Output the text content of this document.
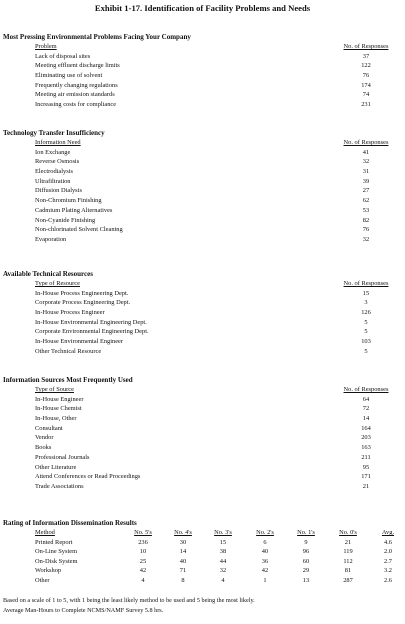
Exhibit 1-17. Identification of Facility Problems and Needs
Most Pressing Environmental Problems Facing Your Company
Problem	No. of Responses
Lack of disposal sites	37
Meeting effluent discharge limits	122
Eliminating use of solvent	76
Frequently changing regulations	174
Meeting air emission standards	74
Increasing costs for compliance	231
Technology Transfer Insufficiency
Information Need	No. of Responses
Ion Exchange	41
Reverse Osmosis	32
Electrodialysis	31
Ultrafiltration	39
Diffusion Dialysis	27
Non-Chromium Finishing	62
Cadmium Plating Alternatives	53
Non-Cyanide Finishing	82
Non-chlorinated Solvent Cleaning	76
Evaporation	32
Available Technical Resources
Type of Resource	No. of Responses
In-House Process Engineering Dept.	15
Corporate Process Engineering Dept.	3
In-House Process Engineer	126
In-House Environmental Engineering Dept.	5
Corporate Environmental Engineering Dept.	5
In-House Environmental Engineer	103
Other Technical Resource	5
Information Sources Most Frequently Used
Type of Source	No. of Responses
In-House Engineer	64
In-House Chemist	72
In-House, Other	14
Consultant	164
Vendor	203
Books	163
Professional Journals	211
Other Literature	95
Attend Conferences or Read Proceedings	171
Trade Associations	21
Rating of Information Dissemination Results
Method	No. 5's	No. 4's	No. 3's	No. 2's	No. 1's	No. 0's	Avg.
Printed Report	236	30	15	6	9	21	4.6
On-Line System	10	14	38	40	96	119	2.0
On-Disk System	25	40	44	36	60	112	2.7
Workshop	42	71	32	42	29	81	3.2
Other	4	8	4	1	13	287	2.6
Based on a scale of 1 to 5, with 1 being the least likely method to be used and 5 being the most likely.
Average Man-Hours to Complete NCMS/NAMF Survey 5.8 hrs.
